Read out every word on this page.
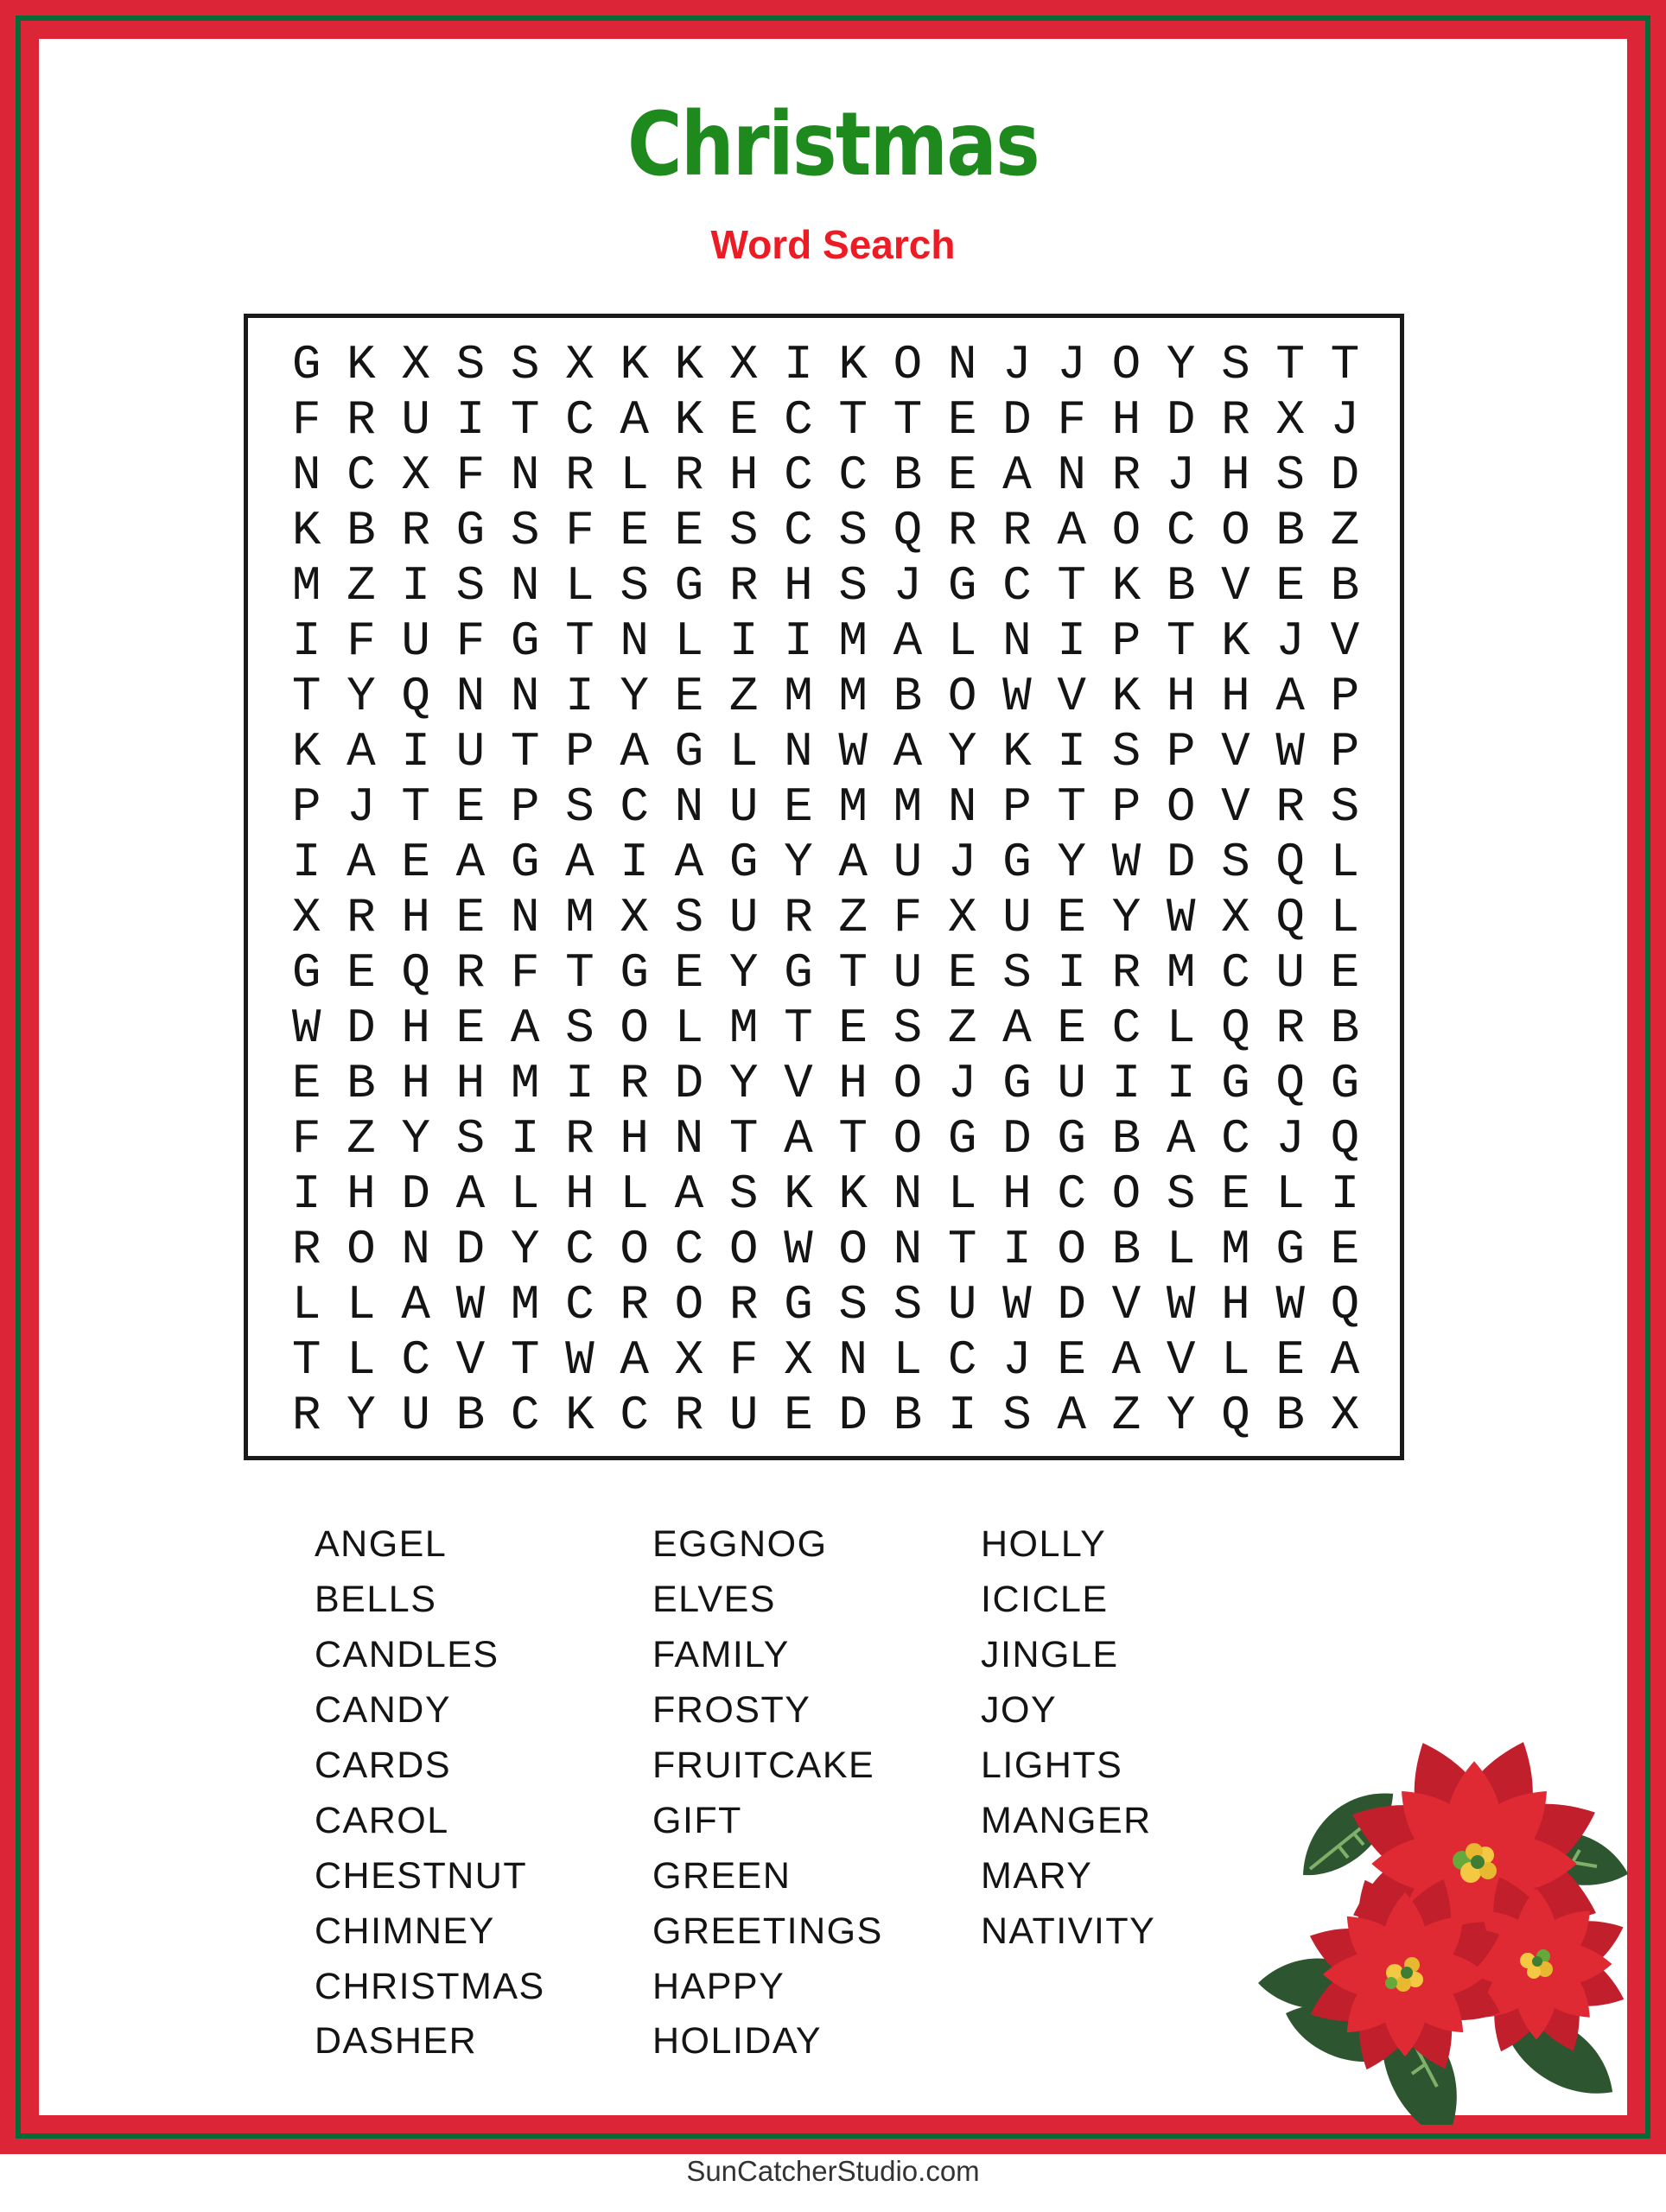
Christmas
Word Search
G K X S S X K K X I K O N J J O Y S T T
F R U I T C A K E C T T E D F H D R X J
N C X F N R L R H C C B E A N R J H S D
K B R G S F E E S C S Q R R A O C O B Z
M Z I S N L S G R H S J G C T K B V E B
I F U F G T N L I I M A L N I P T K J V
T Y Q N N I Y E Z M M B O W V K H H A P
K A I U T P A G L N W A Y K I S P V W P
P J T E P S C N U E M M N P T P O V R S
I A E A G A I A G Y A U J G Y W D S Q L
X R H E N M X S U R Z F X U E Y W X Q L
G E Q R F T G E Y G T U E S I R M C U E
W D H E A S O L M T E S Z A E C L Q R B
E B H H M I R D Y V H O J G U I I G Q G
F Z Y S I R H N T A T O G D G B A C J Q
I H D A L H L A S K K N L H C O S E L I
R O N D Y C O C O W O N T I O B L M G E
L L A W M C R O R G S S U W D V W H W Q
T L C V T W A X F X N L C J E A V L E A
R Y U B C K C R U E D B I S A Z Y Q B X
ANGEL
BELLS
CANDLES
CANDY
CARDS
CAROL
CHESTNUT
CHIMNEY
CHRISTMAS
DASHER
EGGNOG
ELVES
FAMILY
FROSTY
FRUITCAKE
GIFT
GREEN
GREETINGS
HAPPY
HOLIDAY
HOLLY
ICICLE
JINGLE
JOY
LIGHTS
MANGER
MARY
NATIVITY
SunCatcherStudio.com
